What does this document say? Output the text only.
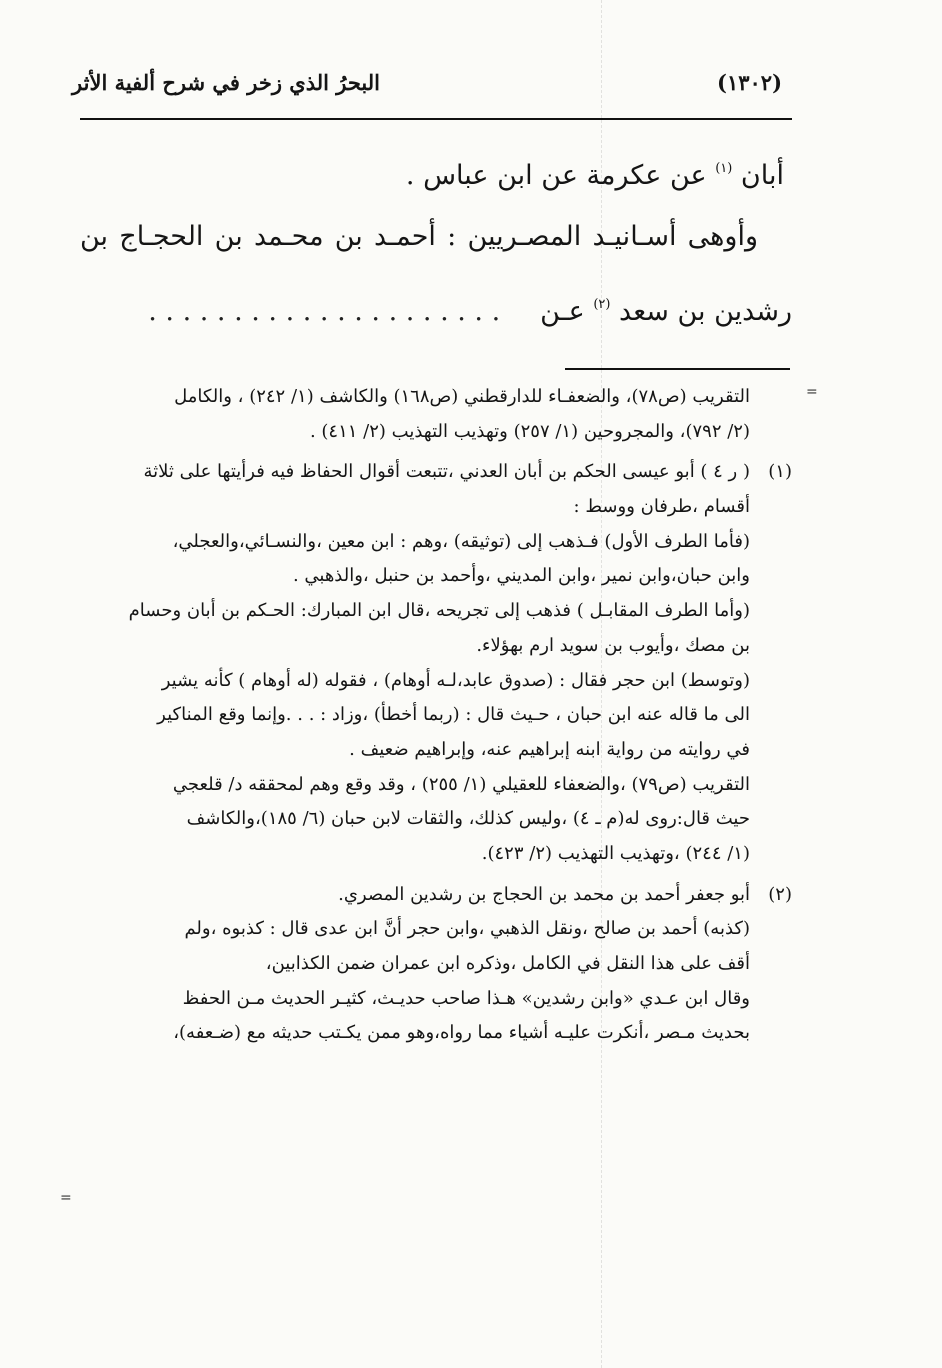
البحرُ الذي زخر في شرح ألفية الأثر	(١٣٠٢)
أبان $^{(١)}$ عن عكرمة عن ابن عباس .
وأوهى أسـانيـد المصـريين : أحمـد بن محـمد بن الحجـاج بن
رشدين بن سعد $^{(٢)}$ عـن. . . . . . . . . . . . . . . . . . . . .
=
=
التقريب (ص٧٨)، والضعفـاء للدارقطني (ص١٦٨) والكاشف (١/ ٢٤٢) ، والكامل
(٢/ ٧٩٢)، والمجروحين (١/ ٢٥٧) وتهذيب التهذيب (٢/ ٤١١) .
(١)
( ر ٤ ) أبو عيسى الحكم بن أبان العدني ،تتبعت أقوال الحفاظ فيه فرأيتها على ثلاثة
أقسام ،طرفان ووسط :
(فأما الطرف الأول) فـذهب إلى (توثيقه) ،وهم : ابن معين ،والنسـائي،والعجلي،
وابن حبان،وابن نمير ،وابن المديني ،وأحمد بن حنبل ،والذهبي .
(وأما الطرف المقابـل ) فذهب إلى تجريحه ،قال ابن المبارك: الحـكم بن أبان وحسام
بن مصك ،وأيوب بن سويد ارم بهؤلاء.
(وتوسط) ابن حجر فقال : (صدوق عابد،لـه أوهام) ، فقوله (له أوهام ) كأنه يشير
الى ما قاله عنه ابن حبان ، حـيث قال : (ربما أخطأ) ،وزاد : . . .وإنما وقع المناكير
في روايته من رواية ابنه إبراهيم عنه، وإبراهيم ضعيف .
التقريب (ص٧٩) ،والضعفاء للعقيلي (١/ ٢٥٥) ، وقد وقع وهم لمحققه د/ قلعجي
حيث قال:روى له(م ـ ٤) ،وليس كذلك، والثقات لابن حبان (٦/ ١٨٥)،والكاشف
(١/ ٢٤٤) ،وتهذيب التهذيب (٢/ ٤٢٣).
(٢)
أبو جعفر أحمد بن محمد بن الحجاج بن رشدين المصري.
(كذبه) أحمد بن صالح ،ونقل الذهبي ،وابن حجر أنَّ ابن عدى قال : كذبوه ،ولم
أقف على هذا النقل في الكامل ،وذكره ابن عمران ضمن الكذابين،
وقال ابن عـدي «وابن رشدين» هـذا صاحب حديـث، كثيـر الحديث مـن الحفظ
بحديث مـصر ،أنكرت عليـه أشياء مما رواه،وهو ممن يكـتب حديثه مع (ضـعفه)،
